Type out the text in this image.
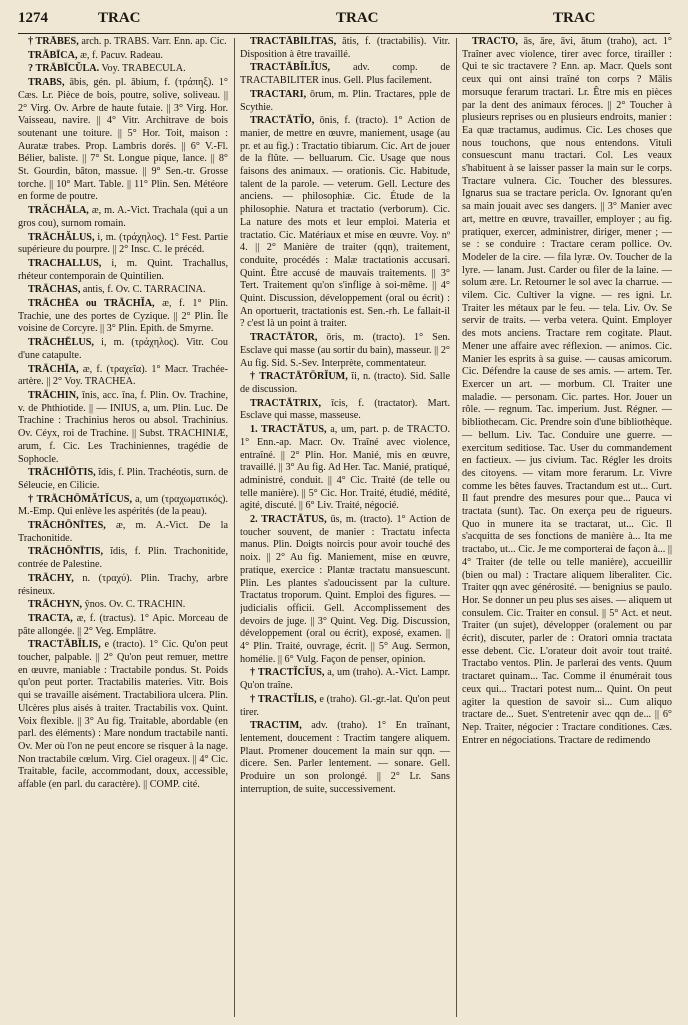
1274	TRAC	TRAC	TRAC

† TRĀBES, arch. p. TRABS. Varr. Enn. ap. Cic.

TRĀBĪCA, æ, f. Pacuv. Radeau.

? TRĀBĪCŬLA. Voy. TRABECULA.

TRABS, ābis, gén. pl. ābium, f. (τράπηξ). 1° Cæs. Lr. Pièce de bois, poutre, solive, soliveau. || 2° Virg. Ov. Arbre de haute futaie. || 3° Virg. Hor. Vaisseau, navire. || 4° Vitr. Architrave de bois soutenant une toiture. || 5° Hor. Toit, maison : Auratæ trabes. Prop. Lambris dorés. || 6° V.-Fl. Bélier, baliste. || 7° St. Longue pique, lance. || 8° St. Gourdin, bâton, massue. || 9° Sen.-tr. Grosse torche. || 10° Mart. Table. || 11° Plin. Sen. Météore en forme de poutre.

TRĂCHĀLA, æ, m. A.-Vict. Trachala (qui a un gros cou), surnom romain.

TRĀCHĂLUS, i, m. (τράχηλος). 1° Fest. Partie supérieure du pourpre. || 2° Insc. C. le précéd.

TRACHALLUS, i, m. Quint. Trachallus, rhéteur contemporain de Quintilien.

TRĀCHAS, antis, f. Ov. C. TARRACINA.

TRĀCHĒA ou TRĀCHĬA, æ, f. 1° Plin. Trachie, une des portes de Cyzique. || 2° Plin. Île voisine de Corcyre. || 3° Plin. Epith. de Smyrne.

TRĀCHĒLUS, i, m. (τράχηλος). Vitr. Cou d'une catapulte.

TRĀCHĪA, æ, f. (τραχεῖα). 1° Macr. Trachée-artère. || 2° Voy. TRACHEA.

TRĀCHIN, īnis, acc. īna, f. Plin. Ov. Trachine, v. de Phthiotide. || — INIUS, a, um. Plin. Luc. De Trachine : Trachinius heros ou absol. Trachinius. Ov. Céyx, roi de Trachine. || Subst. TRACHINIÆ, arum, f. Cic. Les Trachiniennes, tragédie de Sophocle.

TRĀCHĪŌTIS, ĭdis, f. Plin. Trachéotis, surn. de Séleucie, en Cilicie.

† TRĀCHŌMĂTĬCUS, a, um (τραχωματικός). M.-Emp. Qui enlève les aspérités (de la peau).

TRĀCHŌNĪTES, æ, m. A.-Vict. De la Trachonitide.

TRĀCHŌNĪTIS, ĭdis, f. Plin. Trachonitide, contrée de Palestine.

TRĀCHY, n. (τραχύ). Plin. Trachy, arbre résineux.

TRĀCHYN, ŷnos. Ov. C. TRACHIN.

TRACTA, æ, f. (tractus). 1° Apic. Morceau de pâte allongée. || 2° Veg. Emplâtre.

TRACTĀBĬLIS, e (tracto). 1° Cic. Qu'on peut toucher, palpable. || 2° Qu'on peut remuer, mettre en œuvre, maniable : Tractabile pondus. St. Poids qu'on peut porter. Tractabilis materies. Vitr. Bois qui se travaille aisément. Tractabiliora ulcera. Plin. Ulcères plus aisés à traiter. Tractabilis vox. Quint. Voix flexible. || 3° Au fig. Traitable, abordable (en parl. des éléments) : Mare nondum tractabile nanti. Ov. Mer où l'on ne peut encore se risquer à la nage. Non tractabile cœlum. Virg. Ciel orageux. || 4° Cic. Traitable, facile, accommodant, doux, accessible, affable (en parl. du caractère). || COMP. cité.

TRACTĀBĬLĬTAS, ātis, f. (tractabilis). Vitr. Disposition à être travaillé.

TRACTĀBĬLĬUS, adv. comp. de TRACTABILITER inus. Gell. Plus facilement.

TRACTARI, ōrum, m. Plin. Tractares, pple de Scythie.

TRACTĀTĬO, ōnis, f. (tracto). 1° Action de manier, de mettre en œuvre, maniement, usage (au pr. et au fig.) : Tractatio tibiarum. Cic. Art de jouer de la flûte. — belluarum. Cic. Usage que nous faisons des animaux. — orationis. Cic. Habitude, talent de la parole. — veterum. Gell. Lecture des anciens. — philosophiæ. Cic. Étude de la philosophie. Natura et tractatio (verborum). Cic. La nature des mots et leur emploi. Materia et tractatio. Cic. Matériaux et mise en œuvre. Voy. nº 4. || 2° Manière de traiter (qqn), traitement, conduite, procédés : Malæ tractationis accusari. Quint. Être accusé de mauvais traitements. || 3° Tert. Traitement qu'on s'inflige à soi-même. || 4° Quint. Discussion, développement (oral ou écrit) : An oportuerit, tractationis est. Sen.-rh. Le fallait-il ? c'est là un point à traiter.

TRACTĀTOR, ōris, m. (tracto). 1° Sen. Esclave qui masse (au sortir du bain), masseur. || 2° Au fig. Sid. S.-Sev. Interprète, commentateur.

† TRACTĀTŌRĬUM, ĭi, n. (tracto). Sid. Salle de discussion.

TRACTĀTRIX, īcis, f. (tractator). Mart. Esclave qui masse, masseuse.

1. TRACTĀTUS, a, um, part. p. de TRACTO. 1° Enn.-ap. Macr. Ov. Traîné avec violence, entraîné. || 2° Plin. Hor. Manié, mis en œuvre, travaillé. || 3° Au fig. Ad Her. Tac. Manié, pratiqué, administré, conduit. || 4° Cic. Traité (de telle ou telle manière). || 5° Cic. Hor. Traité, étudié, médité, agité, discuté. || 6° Liv. Traité, négocié.

2. TRACTĀTUS, ūs, m. (tracto). 1° Action de toucher souvent, de manier : Tractatu infecta manus. Plin. Doigts noircis pour avoir touché des noix. || 2° Au fig. Maniement, mise en œuvre, pratique, exercice : Plantæ tractatu mansuescunt. Plin. Les plantes s'adoucissent par la culture. Tractatus troporum. Quint. Emploi des figures. — judicialis officii. Gell. Accomplissement des devoirs de juge. || 3° Quint. Veg. Dig. Discussion, développement (oral ou écrit), exposé, examen. || 4° Plin. Traité, ouvrage, écrit. || 5° Aug. Sermon, homélie. || 6° Vulg. Façon de penser, opinion.

† TRACTĬCĬUS, a, um (traho). A.-Vict. Lampr. Qu'on traîne.

† TRACTĬLIS, e (traho). Gl.-gr.-lat. Qu'on peut tirer.

TRACTIM, adv. (traho). 1° En traînant, lentement, doucement : Tractim tangere aliquem. Plaut. Promener doucement la main sur qqn. — dicere. Sen. Parler lentement. — sonare. Gell. Produire un son prolongé. || 2° Lr. Sans interruption, de suite, successivement.

TRACTO, ās, āre, āvi, ātum (traho), act. 1° Traîner avec violence, tirer avec force, tirailler : Qui te sic tractavere ? Enn. ap. Macr. Quels sont ceux qui ont ainsi traîné ton corps ? Mālis morsuque ferarum tractari. Lr. Être mis en pièces par la dent des animaux féroces. || 2° Toucher à plusieurs reprises ou en plusieurs endroits, manier : Ea quæ tractamus, audimus. Cic. Les choses que nous touchons, que nous entendons. Vituli consuescunt manu tractari. Col. Les veaux s'habituent à se laisser passer la main sur le corps. Tractare vulnera. Cic. Toucher des blessures. Ignarus sua se tractare pericla. Ov. Ignorant qu'en sa main jouait avec ses dangers. || 3° Manier avec art, mettre en œuvre, travailler, employer ; au fig. pratiquer, exercer, administrer, diriger, mener ; — se : se conduire : Tractare ceram pollice. Ov. Modeler de la cire. — fila lyræ. Ov. Toucher de la lyre. — lanam. Just. Carder ou filer de la laine. — solum ære. Lr. Retourner le sol avec la charrue. — vilem. Cic. Cultiver la vigne. — res igni. Lr. Traiter les métaux par le feu. — tela. Liv. Ov. Se servir de traits. — verba vetera. Quint. Employer des mots anciens. Tractare rem cogitate. Plaut. Mener une affaire avec réflexion. — animos. Cic. Manier les esprits à sa guise. — causas amicorum. Cic. Défendre la cause de ses amis. — artem. Ter. Exercer un art. — morbum. Cl. Traiter une maladie. — personam. Cic. partes. Hor. Jouer un rôle. — regnum. Tac. imperium. Just. Régner. — bibliothecam. Cic. Prendre soin d'une bibliothèque. — bellum. Liv. Tac. Conduire une guerre. — exercitum seditiose. Tac. User du commandement en factieux. — jus civium. Tac. Régler les droits des citoyens. — vitam more ferarum. Lr. Vivre comme les bêtes fauves. Tractandum est ut... Curt. Il faut prendre des mesures pour que... Pauca vi tractata (sunt). Tac. On exerça peu de rigueurs. Quo in munere ita se tractarat, ut... Cic. Il s'acquitta de ses fonctions de manière à... Ita me tractabo, ut... Cic. Je me comporterai de façon à... || 4° Traiter (de telle ou telle manière), accueillir (bien ou mal) : Tractare aliquem liberaliter. Cic. Traiter qqn avec générosité. — benignius se paulo. Hor. Se donner un peu plus ses aises. — aliquem ut consulem. Cic. Traiter en consul. || 5° Act. et neut. Traiter (un sujet), développer (oralement ou par écrit), discuter, parler de : Oratori omnia tractata esse debent. Cic. L'orateur doit avoir tout traité. Tractabo ventos. Plin. Je parlerai des vents. Quum tractaret quinam... Tac. Comme il énumérait tous ceux qui... Tractari potest num... Quint. On peut agiter la question de savoir si... Cum aliquo tractare de... Suet. S'entretenir avec qqn de... || 6° Nep. Traiter, négocier : Tractare conditiones. Cæs. Entrer en négociations. Tractare de redimendo
